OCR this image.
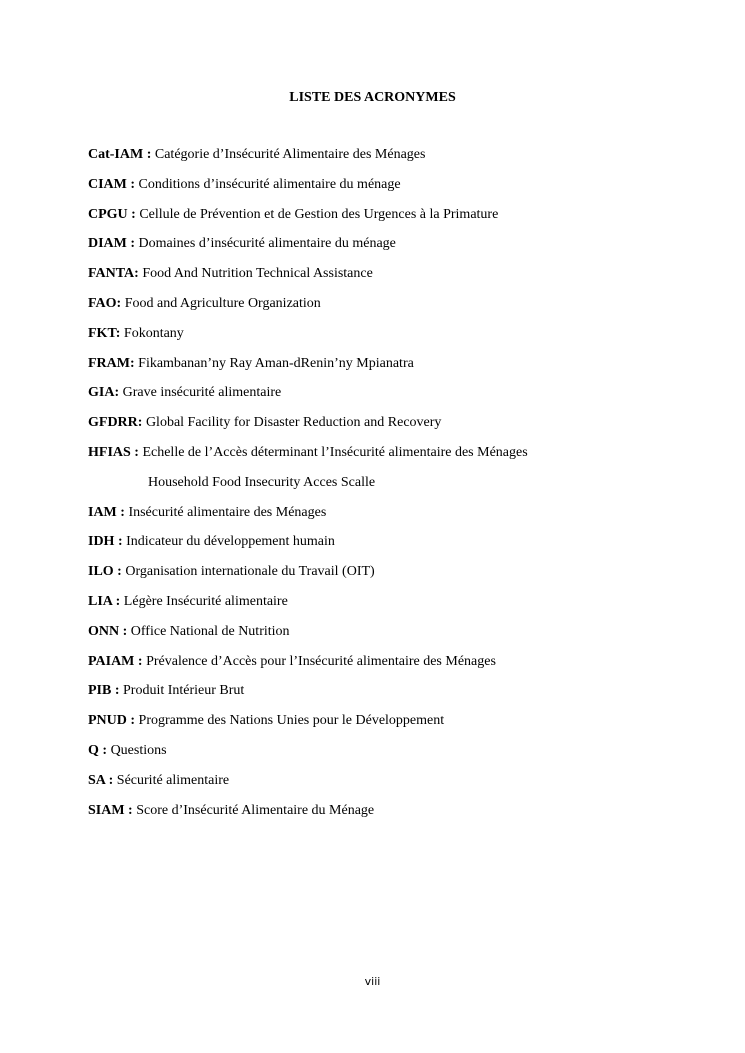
LISTE DES ACRONYMES
Cat-IAM : Catégorie d’Insécurité Alimentaire des Ménages
CIAM : Conditions d’insécurité alimentaire du ménage
CPGU : Cellule de Prévention et de Gestion des Urgences à la Primature
DIAM : Domaines d’insécurité alimentaire du ménage
FANTA: Food And Nutrition Technical Assistance
FAO: Food and Agriculture Organization
FKT: Fokontany
FRAM: Fikambanan’ny Ray Aman-dRenin’ny Mpianatra
GIA: Grave insécurité alimentaire
GFDRR: Global Facility for Disaster Reduction and Recovery
HFIAS : Echelle de l’Accès déterminant l’Insécurité alimentaire des Ménages
Household Food Insecurity Acces Scalle
IAM : Insécurité alimentaire des Ménages
IDH : Indicateur du développement humain
ILO : Organisation internationale du Travail (OIT)
LIA : Légère Insécurité alimentaire
ONN : Office National de Nutrition
PAIAM : Prévalence d’Accès pour l’Insécurité alimentaire des Ménages
PIB : Produit Intérieur Brut
PNUD : Programme des Nations Unies pour le Développement
Q : Questions
SA : Sécurité alimentaire
SIAM : Score d’Insécurité Alimentaire du Ménage
viii
